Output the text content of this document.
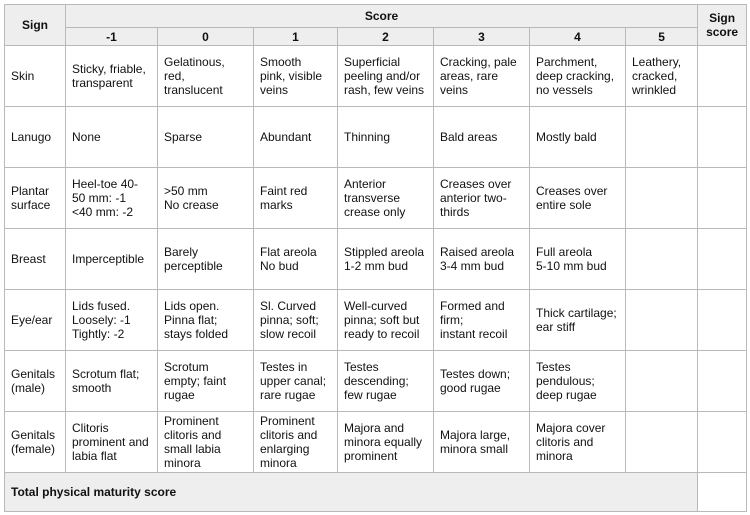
Sign	Score							Sign
score

	-1	0	1	2	3	4	5	

Skin	Sticky, friable,
transparent	Gelatinous,
red,
translucent	Smooth
pink, visible
veins	Superficial
peeling and/or
rash, few veins	Cracking, pale
areas, rare
veins	Parchment,
deep cracking,
no vessels	Leathery,
cracked,
wrinkled	

Lanugo	None	Sparse	Abundant	Thinning	Bald areas	Mostly bald		

Plantar
surface	Heel-toe 40-
50 mm: -1
<40 mm: -2	>50 mm
No crease	Faint red
marks	Anterior
transverse
crease only	Creases over
anterior two-
thirds	Creases over
entire sole		

Breast	Imperceptible	Barely
perceptible	Flat areola
No bud	Stippled areola
1-2 mm bud	Raised areola
3-4 mm bud	Full areola
5-10 mm bud		

Eye/ear	Lids fused.
Loosely: -1
Tightly: -2	Lids open.
Pinna flat;
stays folded	Sl. Curved
pinna; soft;
slow recoil	Well-curved
pinna; soft but
ready to recoil	Formed and
firm;
instant recoil	Thick cartilage;
ear stiff		

Genitals
(male)	Scrotum flat;
smooth	Scrotum
empty; faint
rugae	Testes in
upper canal;
rare rugae	Testes
descending;
few rugae	Testes down;
good rugae	Testes
pendulous;
deep rugae		

Genitals
(female)	Clitoris
prominent and
labia flat	Prominent
clitoris and
small labia
minora	Prominent
clitoris and
enlarging
minora	Majora and
minora equally
prominent	Majora large,
minora small	Majora cover
clitoris and
minora		

Total physical maturity score								
